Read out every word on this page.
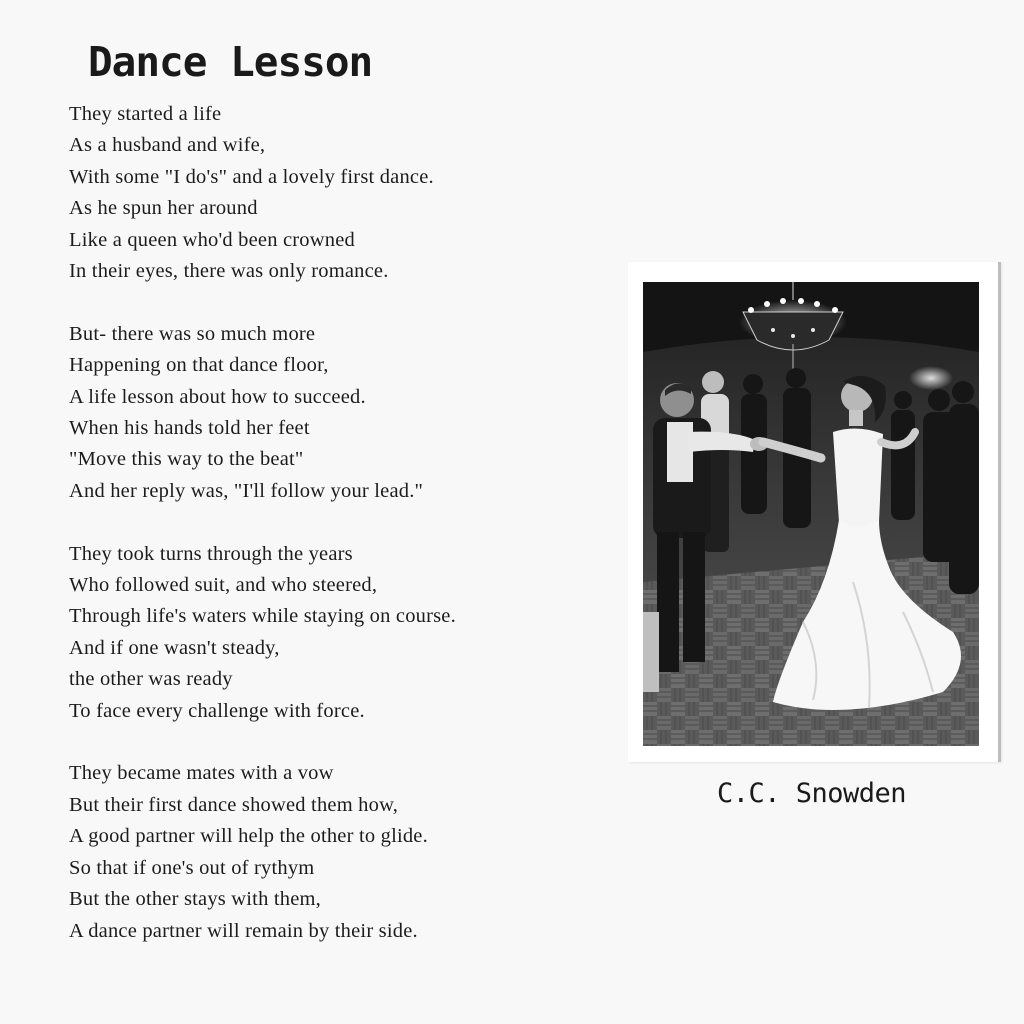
Dance Lesson
They started a life
As a husband and wife,
With some "I do's" and a lovely first dance.
As he spun her around
Like a queen who'd been crowned
In their eyes, there was only romance.
But- there was so much more
Happening on that dance floor,
A life lesson about how to succeed.
When his hands told her feet
"Move this way to the beat"
And her reply was, "I'll follow your lead."
They took turns through the years
Who followed suit, and who steered,
Through life's waters while staying on course.
And if one wasn't steady,
the other was ready
To face every challenge with force.
They became mates with a vow
But their first dance showed them how,
A good partner will help the other to glide.
So that if one's out of rythym
But the other stays with them,
A dance partner will remain by their side.

C.C. Snowden
